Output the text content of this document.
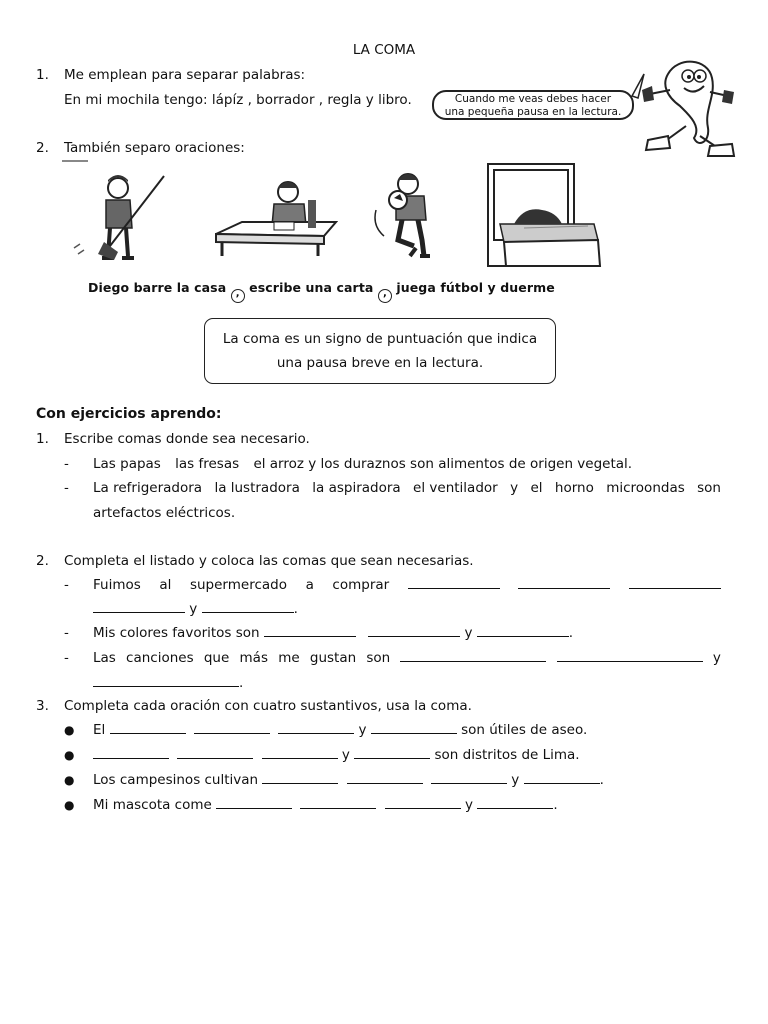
LA COMA
1.	Me emplean para separar palabras:
En mi mochila tengo: lápíz , borrador , regla y libro.	Cuando me veas debes hacer
una pequeña pausa en la lectura.
2.	También separo oraciones:
Diego barre la casa , escribe una carta , juega fútbol y duerme
La coma es un signo de puntuación que indica
una pausa breve en la lectura.
Con ejercicios aprendo:
1.	Escribe comas donde sea necesario.
- Las papas las fresas el arroz y los duraznos son alimentos de origen vegetal.
- La refrigeradora la lustradora la aspiradora el ventilador y el horno microondas son
artefactos eléctricos.
2.	Completa el listado y coloca las comas que sean necesarias.
- Fuimos al supermercado a comprar
y	.
- Mis colores favoritos son	y	.
- Las canciones que más me gustan son	y
.
3.	Completa cada oración con cuatro sustantivos, usa la coma.
● El	y	son útiles de aseo.
●	y	son distritos de Lima.
● Los campesinos cultivan	y	.
● Mi mascota come	y	.
